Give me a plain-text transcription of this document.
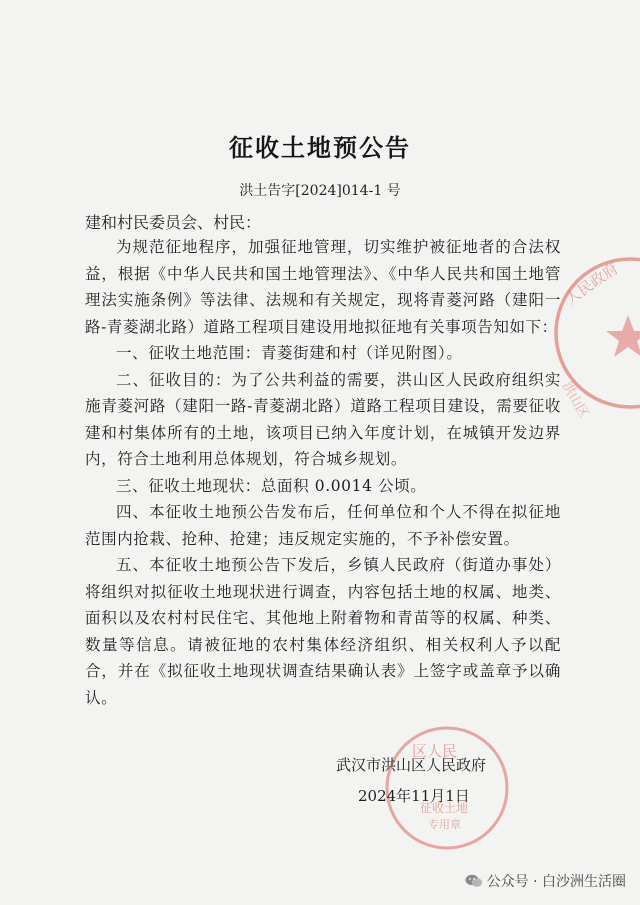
征收土地预公告
洪土告字[2024]014-1 号
建和村民委员会、村民：

为规范征地程序，加强征地管理，切实维护被征地者的合法权益，根据《中华人民共和国土地管理法》、《中华人民共和国土地管理法实施条例》等法律、法规和有关规定，现将青菱河路（建阳一路-青菱湖北路）道路工程项目建设用地拟征地有关事项告知如下：

一、征收土地范围：青菱街建和村（详见附图）。

二、征收目的：为了公共利益的需要，洪山区人民政府组织实施青菱河路（建阳一路-青菱湖北路）道路工程项目建设，需要征收建和村集体所有的土地，该项目已纳入年度计划，在城镇开发边界内，符合土地利用总体规划，符合城乡规划。

三、征收土地现状：总面积 0.0014 公顷。

四、本征收土地预公告发布后，任何单位和个人不得在拟征地范围内抢栽、抢种、抢建；违反规定实施的，不予补偿安置。

五、本征收土地预公告下发后，乡镇人民政府（街道办事处）将组织对拟征收土地现状进行调查，内容包括土地的权属、地类、面积以及农村村民住宅、其他地上附着物和青苗等的权属、种类、数量等信息。请被征地的农村集体经济组织、相关权利人予以配合，并在《拟征收土地现状调查结果确认表》上签字或盖章予以确认。

人民政府
洪山区
区人民
征收土地
专用章
武汉市洪山区人民政府
2024年11月1日
公众号 · 白沙洲生活圈
